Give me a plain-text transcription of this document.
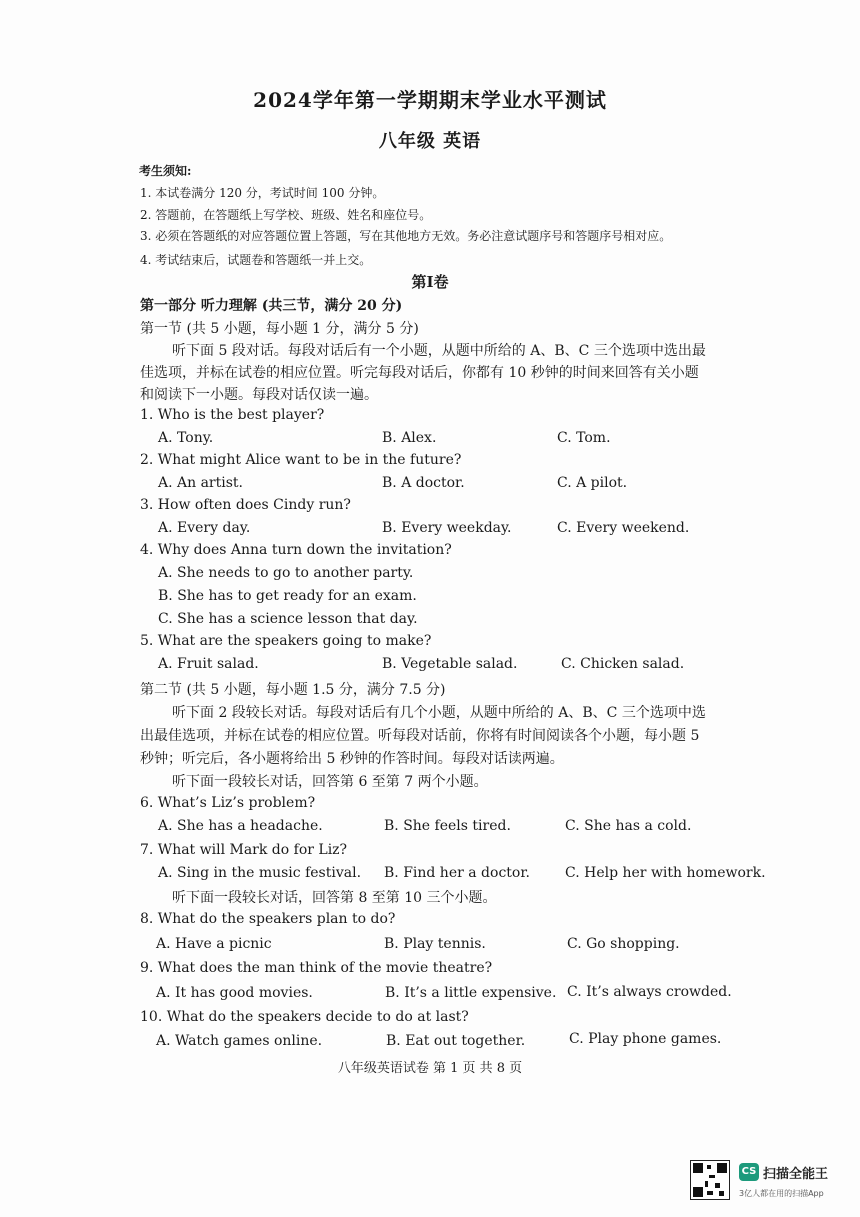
2024学年第一学期期末学业水平测试
八年级 英语
考生须知:
1. 本试卷满分 120 分，考试时间 100 分钟。
2. 答题前，在答题纸上写学校、班级、姓名和座位号。
3. 必须在答题纸的对应答题位置上答题，写在其他地方无效。务必注意试题序号和答题序号相对应。
4. 考试结束后，试题卷和答题纸一并上交。
第Ⅰ卷
第一部分 听力理解 (共三节，满分 20 分)
第一节 (共 5 小题，每小题 1 分，满分 5 分)
听下面 5 段对话。每段对话后有一个小题，从题中所给的 A、B、C 三个选项中选出最
佳选项，并标在试卷的相应位置。听完每段对话后，你都有 10 秒钟的时间来回答有关小题
和阅读下一小题。每段对话仅读一遍。
1. Who is the best player?
A. Tony.	B. Alex.	C. Tom.
2. What might Alice want to be in the future?
A. An artist.	B. A doctor.	C. A pilot.
3. How often does Cindy run?
A. Every day.	B. Every weekday.	C. Every weekend.
4. Why does Anna turn down the invitation?
A. She needs to go to another party.
B. She has to get ready for an exam.
C. She has a science lesson that day.
5. What are the speakers going to make?
A. Fruit salad.	B. Vegetable salad.	C. Chicken salad.
第二节 (共 5 小题，每小题 1.5 分，满分 7.5 分)
听下面 2 段较长对话。每段对话后有几个小题，从题中所给的 A、B、C 三个选项中选
出最佳选项，并标在试卷的相应位置。听每段对话前，你将有时间阅读各个小题，每小题 5
秒钟；听完后，各小题将给出 5 秒钟的作答时间。每段对话读两遍。
听下面一段较长对话，回答第 6 至第 7 两个小题。
6. What’s Liz’s problem?
A. She has a headache.	B. She feels tired.	C. She has a cold.
7. What will Mark do for Liz?
A. Sing in the music festival. B. Find her a doctor.	C. Help her with homework.
听下面一段较长对话，回答第 8 至第 10 三个小题。
8. What do the speakers plan to do?
A. Have a picnic	B. Play tennis.	C. Go shopping.
9. What does the man think of the movie theatre?
A. It has good movies.	B. It’s a little expensive. C. It’s always crowded.
10. What do the speakers decide to do at last?
A. Watch games online.	B. Eat out together.	C. Play phone games.
八年级英语试卷 第 1 页 共 8 页
CS 扫描全能王
3亿人都在用的扫描App
